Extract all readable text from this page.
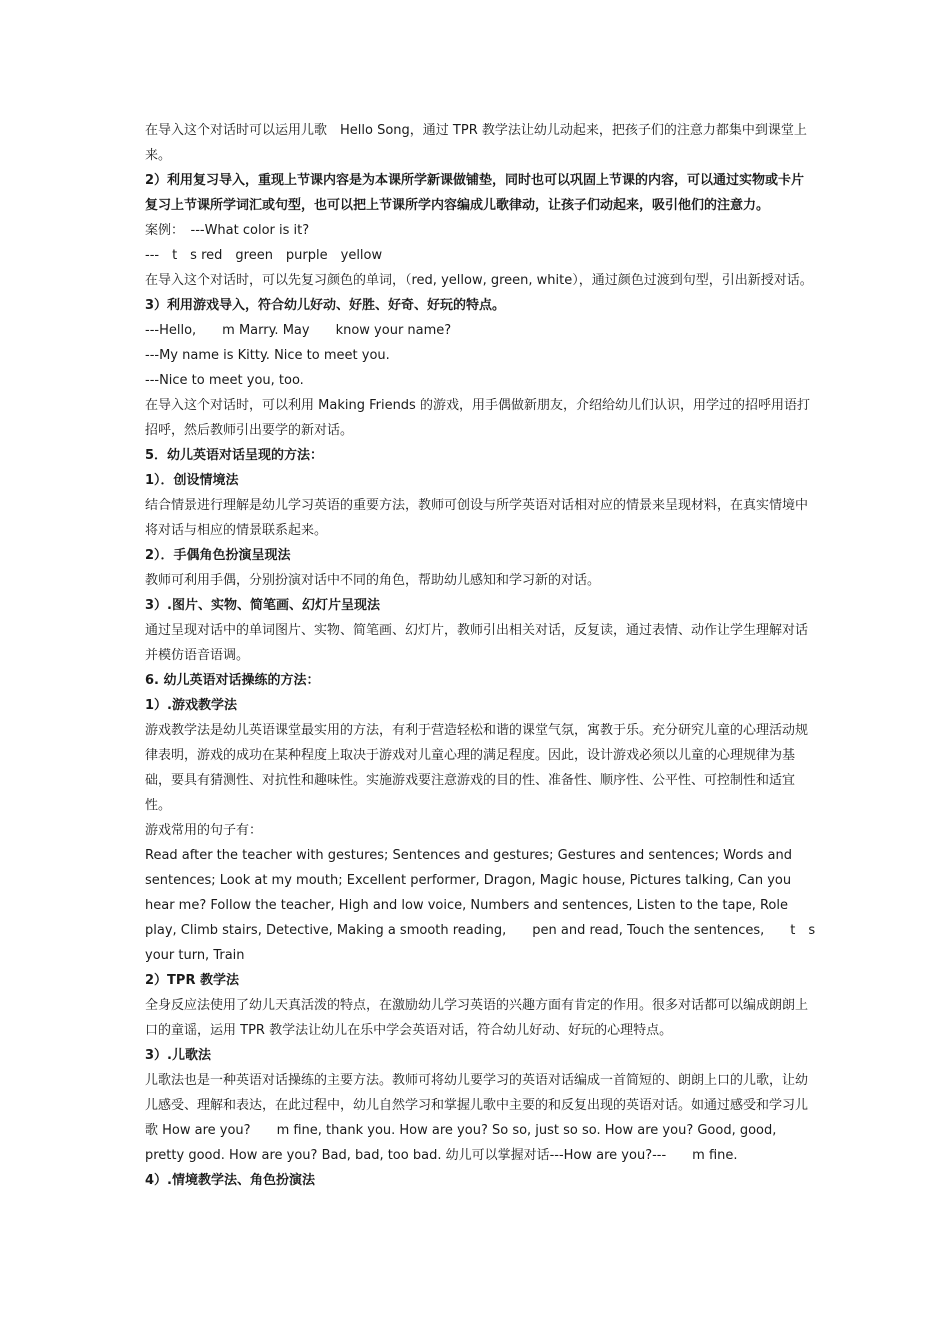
在导入这个对话时可以运用儿歌　Hello Song，通过 TPR 教学法让幼儿动起来，把孩子们的注意力都集中到课堂上来。

2）利用复习导入，重现上节课内容是为本课所学新课做铺垫，同时也可以巩固上节课的内容，可以通过实物或卡片复习上节课所学词汇或句型，也可以把上节课所学内容编成儿歌律动，让孩子们动起来，吸引他们的注意力。

案例：　---What color is it?

---　t　s red　green　purple　yellow

在导入这个对话时，可以先复习颜色的单词，（red, yellow, green, white），通过颜色过渡到句型，引出新授对话。

3）利用游戏导入，符合幼儿好动、好胜、好奇、好玩的特点。

---Hello,　　m Marry. May　　know your name?

---My name is Kitty. Nice to meet you.

---Nice to meet you, too.

在导入这个对话时，可以利用 Making Friends 的游戏，用手偶做新朋友，介绍给幼儿们认识，用学过的招呼用语打招呼，然后教师引出要学的新对话。

5．幼儿英语对话呈现的方法：

1）．创设情境法

结合情景进行理解是幼儿学习英语的重要方法，教师可创设与所学英语对话相对应的情景来呈现材料，在真实情境中将对话与相应的情景联系起来。

2）．手偶角色扮演呈现法

教师可利用手偶，分别扮演对话中不同的角色，帮助幼儿感知和学习新的对话。

3）.图片、实物、简笔画、幻灯片呈现法

通过呈现对话中的单词图片、实物、简笔画、幻灯片，教师引出相关对话，反复读，通过表情、动作让学生理解对话并模仿语音语调。

6. 幼儿英语对话操练的方法：

1）.游戏教学法

游戏教学法是幼儿英语课堂最实用的方法，有利于营造轻松和谐的课堂气氛，寓教于乐。充分研究儿童的心理活动规律表明，游戏的成功在某种程度上取决于游戏对儿童心理的满足程度。因此，设计游戏必须以儿童的心理规律为基础，要具有猜测性、对抗性和趣味性。实施游戏要注意游戏的目的性、准备性、顺序性、公平性、可控制性和适宜性。

游戏常用的句子有：

Read after the teacher with gestures; Sentences and gestures; Gestures and sentences; Words and sentences; Look at my mouth; Excellent performer, Dragon, Magic house, Pictures talking, Can you hear me? Follow the teacher, High and low voice, Numbers and sentences, Listen to the tape, Role play, Climb stairs, Detective, Making a smooth reading,　　pen and read, Touch the sentences,　　t　s your turn, Train

2）TPR 教学法

全身反应法使用了幼儿天真活泼的特点，在激励幼儿学习英语的兴趣方面有肯定的作用。很多对话都可以编成朗朗上口的童谣，运用 TPR 教学法让幼儿在乐中学会英语对话，符合幼儿好动、好玩的心理特点。

3）.儿歌法

儿歌法也是一种英语对话操练的主要方法。教师可将幼儿要学习的英语对话编成一首简短的、朗朗上口的儿歌，让幼儿感受、理解和表达，在此过程中，幼儿自然学习和掌握儿歌中主要的和反复出现的英语对话。如通过感受和学习儿歌 How are you?　　m fine, thank you. How are you? So so, just so so. How are you? Good, good, pretty good. How are you? Bad, bad, too bad. 幼儿可以掌握对话---How are you?---　　m fine.

4）.情境教学法、角色扮演法
